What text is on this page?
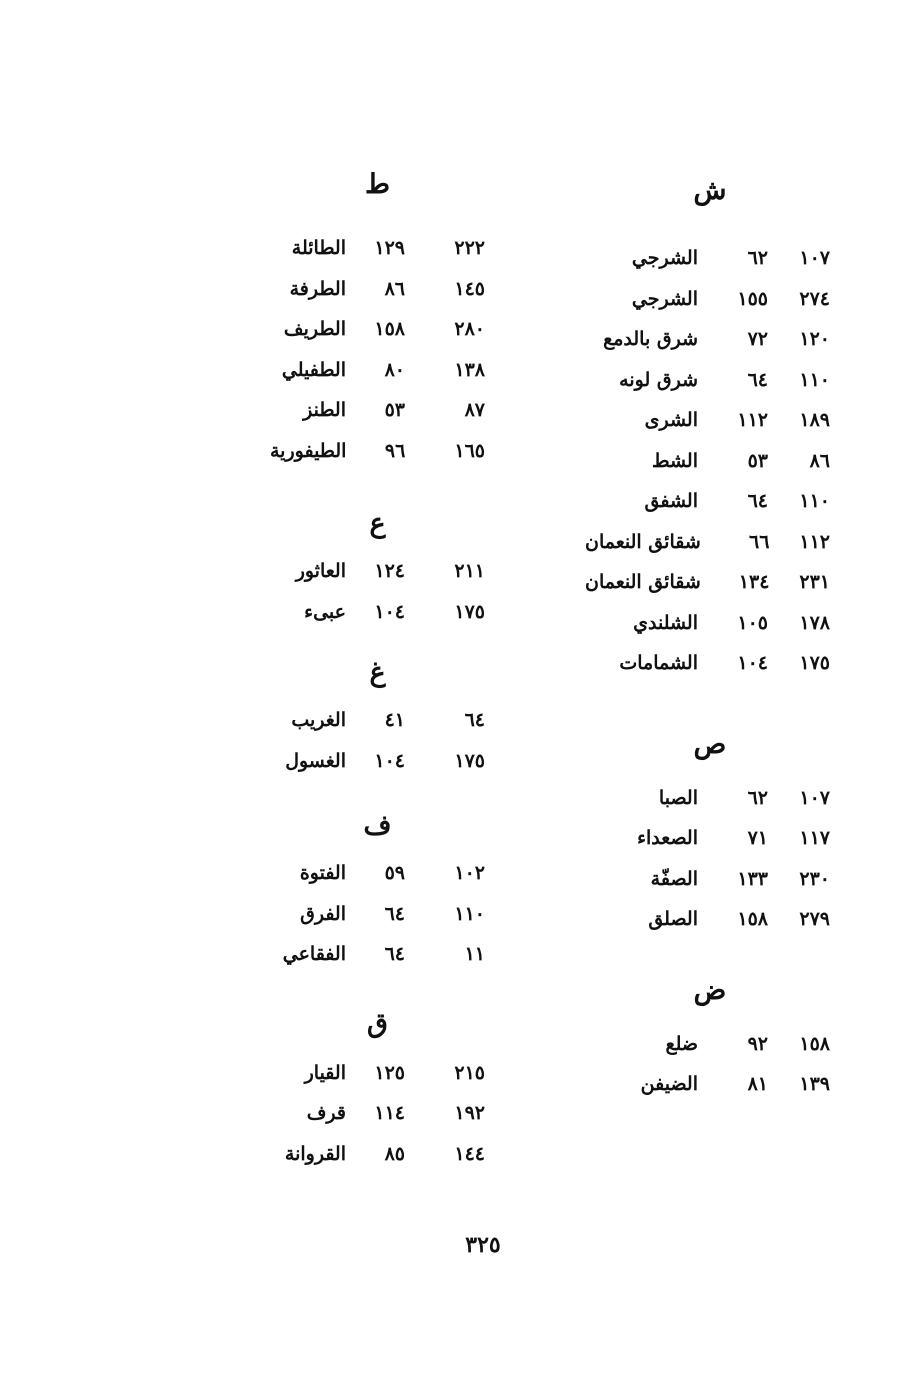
ش
١٠٧
٦٢
الشرجي
٢٧٤
١٥٥
الشرجي
١٢٠
٧٢
شرق بالدمع
١١٠
٦٤
شرق لونه
١٨٩
١١٢
الشرى
٨٦
٥٣
الشط
١١٠
٦٤
الشفق
١١٢
٦٦
شقائق النعمان
٢٣١
١٣٤
شقائق النعمان
١٧٨
١٠٥
الشلندي
١٧٥
١٠٤
الشمامات
ص
١٠٧
٦٢
الصبا
١١٧
٧١
الصعداء
٢٣٠
١٣٣
الصفّة
٢٧٩
١٥٨
الصلق
ض
١٥٨
٩٢
ضلع
١٣٩
٨١
الضيفن
ط
٢٢٢
١٢٩
الطائلة
١٤٥
٨٦
الطرفة
٢٨٠
١٥٨
الطريف
١٣٨
٨٠
الطفيلي
٨٧
٥٣
الطنز
١٦٥
٩٦
الطيفورية
ع
٢١١
١٢٤
العاثور
١٧٥
١٠٤
عبىء
غ
٦٤
٤١
الغريب
١٧٥
١٠٤
الغسول
ف
١٠٢
٥٩
الفتوة
١١٠
٦٤
الفرق
١١
٦٤
الفقاعي
ق
٢١٥
١٢٥
القيار
١٩٢
١١٤
قرف
١٤٤
٨٥
القروانة
٣٢٥
